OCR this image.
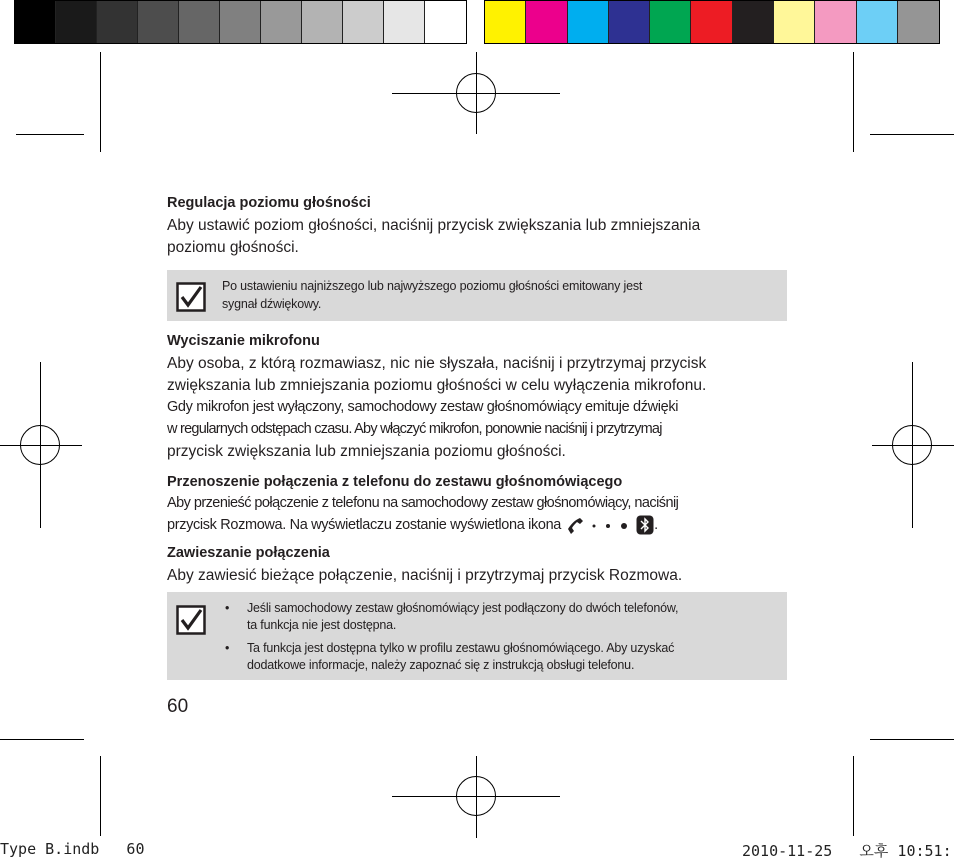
Regulacja poziomu głośności
Aby ustawić poziom głośności, naciśnij przycisk zwiększania lub zmniejszania
poziomu głośności.
Po ustawieniu najniższego lub najwyższego poziomu głośności emitowany jest
sygnał dźwiękowy.
Wyciszanie mikrofonu
Aby osoba, z którą rozmawiasz, nic nie słyszała, naciśnij i przytrzymaj przycisk
zwiększania lub zmniejszania poziomu głośności w celu wyłączenia mikrofonu.
Gdy mikrofon jest wyłączony, samochodowy zestaw głośnomówiący emituje dźwięki
w regularnych odstępach czasu. Aby włączyć mikrofon, ponownie naciśnij i przytrzymaj
przycisk zwiększania lub zmniejszania poziomu głośności.
Przenoszenie połączenia z telefonu do zestawu głośnomówiącego
Aby przenieść połączenie z telefonu na samochodowy zestaw głośnomówiący, naciśnij
przycisk Rozmowa. Na wyświetlaczu zostanie wyświetlona ikona	.
Zawieszanie połączenia
Aby zawiesić bieżące połączenie, naciśnij i przytrzymaj przycisk Rozmowa.
• Jeśli samochodowy zestaw głośnomówiący jest podłączony do dwóch telefonów,
ta funkcja nie jest dostępna.
• Ta funkcja jest dostępna tylko w profilu zestawu głośnomówiącego. Aby uzyskać
dodatkowe informacje, należy zapoznać się z instrukcją obsługi telefonu.
60
Type B.indb   60	2010-11-25   오후 10:51:
